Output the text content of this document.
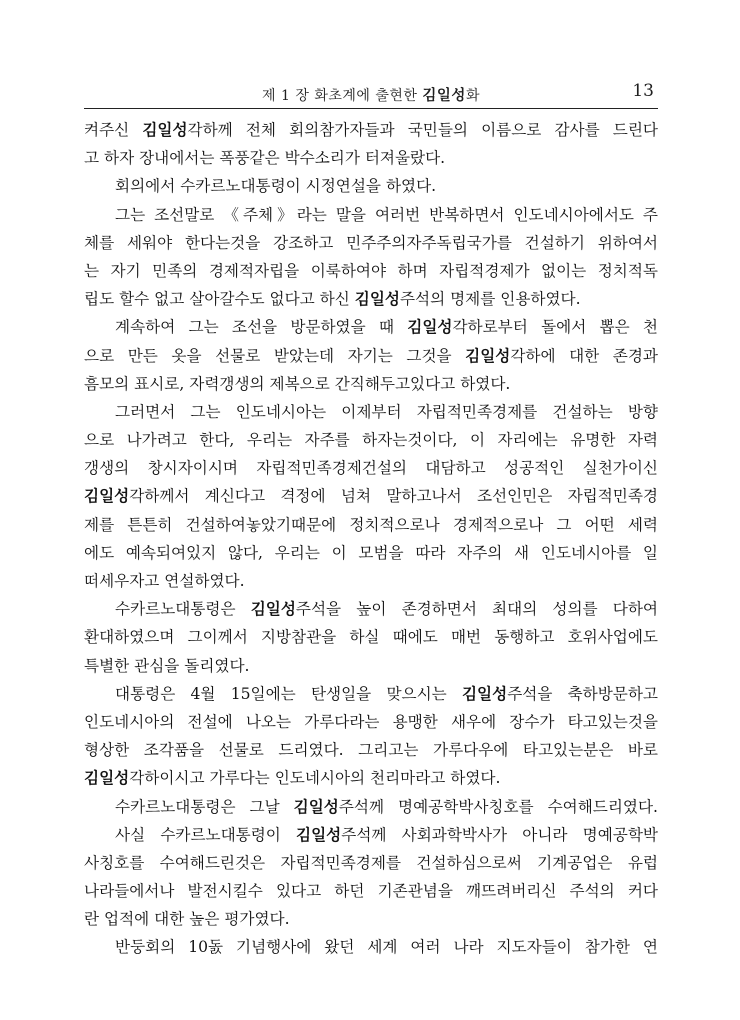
제 1 장 화초계에 출현한 김일성화	13
켜주신 김일성각하께 전체 회의참가자들과 국민들의 이름으로 감사를 드린다
고 하자 장내에서는 폭풍같은 박수소리가 터져울랐다.
회의에서 수카르노대통령이 시정연설을 하였다.
그는 조선말로 《주체》라는 말을 여러번 반복하면서 인도네시아에서도 주
체를 세워야 한다는것을 강조하고 민주주의자주독립국가를 건설하기 위하여서
는 자기 민족의 경제적자립을 이룩하여야 하며 자립적경제가 없이는 정치적독
립도 할수 없고 살아갈수도 없다고 하신 김일성주석의 명제를 인용하였다.
계속하여 그는 조선을 방문하였을 때 김일성각하로부터 돌에서 뽑은 천
으로 만든 옷을 선물로 받았는데 자기는 그것을 김일성각하에 대한 존경과
흠모의 표시로, 자력갱생의 제복으로 간직해두고있다고 하였다.
그러면서 그는 인도네시아는 이제부터 자립적민족경제를 건설하는 방향
으로 나가려고 한다, 우리는 자주를 하자는것이다, 이 자리에는 유명한 자력
갱생의 창시자이시며 자립적민족경제건설의 대담하고 성공적인 실천가이신
김일성각하께서 계신다고 격정에 넘쳐 말하고나서 조선인민은 자립적민족경
제를 튼튼히 건설하여놓았기때문에 정치적으로나 경제적으로나 그 어떤 세력
에도 예속되여있지 않다, 우리는 이 모범을 따라 자주의 새 인도네시아를 일
떠세우자고 연설하였다.
수카르노대통령은 김일성주석을 높이 존경하면서 최대의 성의를 다하여
환대하였으며 그이께서 지방참관을 하실 때에도 매번 동행하고 호위사업에도
특별한 관심을 돌리였다.
대통령은 4월 15일에는 탄생일을 맞으시는 김일성주석을 축하방문하고
인도네시아의 전설에 나오는 가루다라는 용맹한 새우에 장수가 타고있는것을
형상한 조각품을 선물로 드리였다. 그리고는 가루다우에 타고있는분은 바로
김일성각하이시고 가루다는 인도네시아의 천리마라고 하였다.
수카르노대통령은 그날 김일성주석께 명예공학박사칭호를 수여해드리였다.
사실 수카르노대통령이 김일성주석께 사회과학박사가 아니라 명예공학박
사칭호를 수여해드린것은 자립적민족경제를 건설하심으로써 기계공업은 유럽
나라들에서나 발전시킬수 있다고 하던 기존관념을 깨뜨려버리신 주석의 커다
란 업적에 대한 높은 평가였다.
반둥회의 10돐 기념행사에 왔던 세계 여러 나라 지도자들이 참가한 연
